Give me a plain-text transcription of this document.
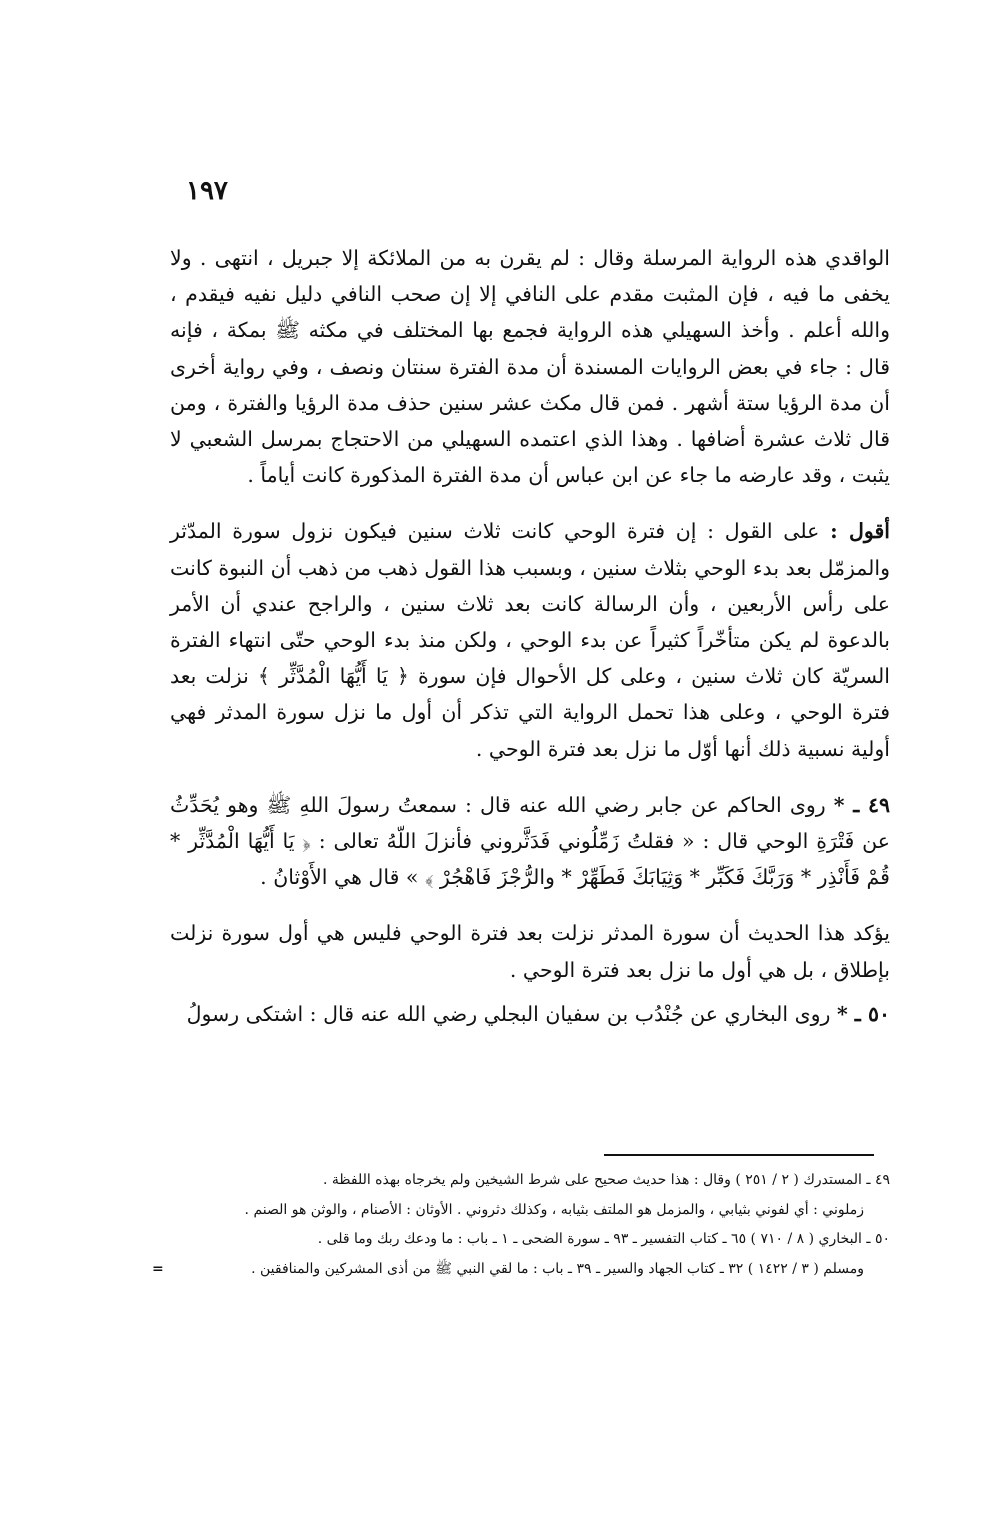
١٩٧

الواقدي هذه الرواية المرسلة وقال : لم يقرن به من الملائكة إلا جبريل ، انتهى . ولا يخفى ما فيه ، فإن المثبت مقدم على النافي إلا إن صحب النافي دليل نفيه فيقدم ، والله أعلم . وأخذ السهيلي هذه الرواية فجمع بها المختلف في مكثه ﷺ بمكة ، فإنه قال : جاء في بعض الروايات المسندة أن مدة الفترة سنتان ونصف ، وفي رواية أخرى أن مدة الرؤيا ستة أشهر . فمن قال مكث عشر سنين حذف مدة الرؤيا والفترة ، ومن قال ثلاث عشرة أضافها . وهذا الذي اعتمده السهيلي من الاحتجاج بمرسل الشعبي لا يثبت ، وقد عارضه ما جاء عن ابن عباس أن مدة الفترة المذكورة كانت أياماً .

أقول : على القول : إن فترة الوحي كانت ثلاث سنين فيكون نزول سورة المدّثر والمزمّل بعد بدء الوحي بثلاث سنين ، وبسبب هذا القول ذهب من ذهب أن النبوة كانت على رأس الأربعين ، وأن الرسالة كانت بعد ثلاث سنين ، والراجح عندي أن الأمر بالدعوة لم يكن متأخّراً كثيراً عن بدء الوحي ، ولكن منذ بدء الوحي حتّى انتهاء الفترة السريّة كان ثلاث سنين ، وعلى كل الأحوال فإن سورة ﴿ يَا أَيُّهَا الْمُدَّثِّر ﴾ نزلت بعد فترة الوحي ، وعلى هذا تحمل الرواية التي تذكر أن أول ما نزل سورة المدثر فهي أولية نسبية ذلك أنها أوّل ما نزل بعد فترة الوحي .

٤٩ ـ * روى الحاكم عن جابر رضي الله عنه قال : سمعتُ رسولَ اللهِ ﷺ وهو يُحَدِّثُ عن فَتْرَةِ الوحي قال : « فقلتُ زَمِّلُوني فَدَثَّروني فأنزلَ اللّهُ تعالى : ﴿ يَا أَيُّهَا الْمُدَّثِّر * قُمْ فَأَنْذِر * وَرَبَّكَ فَكَبِّر * وَثِيَابَكَ فَطَهِّرْ * والرُّجْزَ فَاهْجُرْ ﴾ » قال هي الأَوْثانُ .

يؤكد هذا الحديث أن سورة المدثر نزلت بعد فترة الوحي فليس هي أول سورة نزلت بإطلاق ، بل هي أول ما نزل بعد فترة الوحي .

٥٠ ـ * روى البخاري عن جُنْدُب بن سفيان البجلي رضي الله عنه قال : اشتكى رسولُ

٤٩ ـ المستدرك ( ٢ / ٢٥١ ) وقال : هذا حديث صحيح على شرط الشيخين ولم يخرجاه بهذه اللفظة .

زملوني : أي لفوني بثيابي ، والمزمل هو الملتف بثيابه ، وكذلك دثروني . الأوثان : الأصنام ، والوثن هو الصنم .

٥٠ ـ البخاري ( ٨ / ٧١٠ ) ٦٥ ـ كتاب التفسير ـ ٩٣ ـ سورة الضحى ـ ١ ـ باب : ما ودعك ربك وما قلى .

ومسلم ( ٣ / ١٤٢٢ ) ٣٢ ـ كتاب الجهاد والسير ـ ٣٩ ـ باب : ما لقي النبي ﷺ من أذى المشركين والمنافقين .
=
